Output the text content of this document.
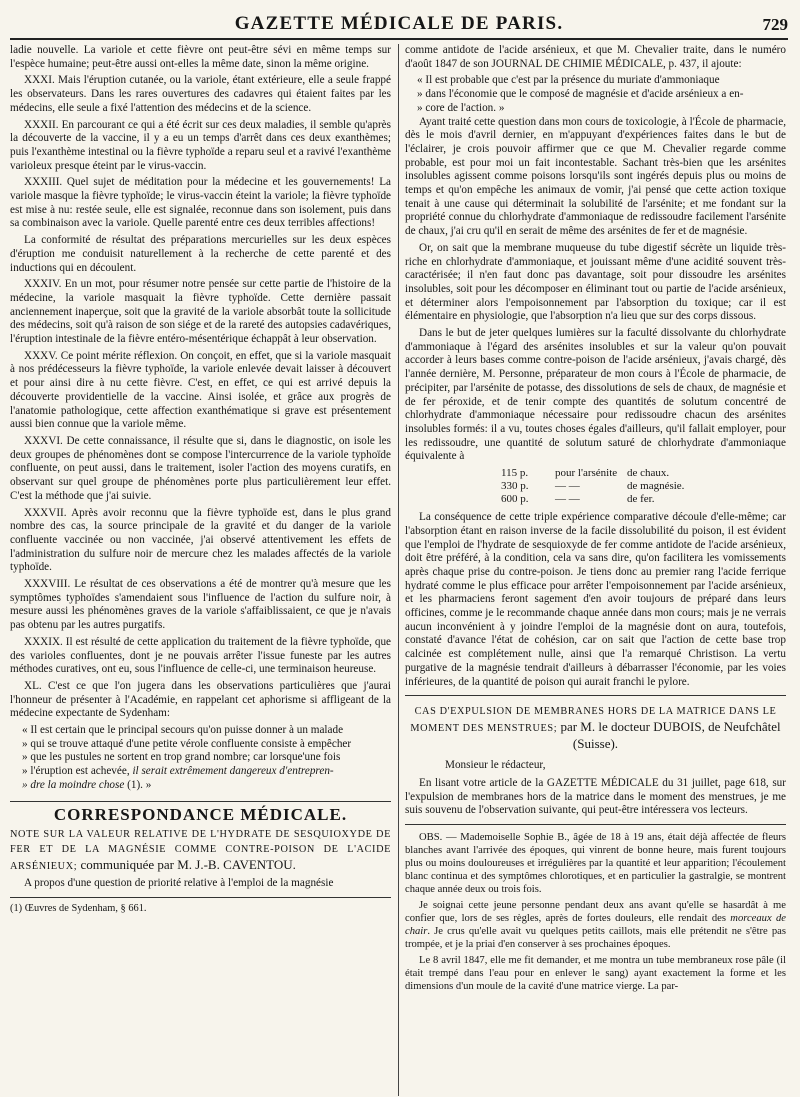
GAZETTE MÉDICALE DE PARIS.	729

ladie nouvelle. La variole et cette fièvre ont peut-être sévi en même temps sur l'espèce humaine; peut-être aussi ont-elles la même date, sinon la même origine.

XXXI. Mais l'éruption cutanée, ou la variole, étant extérieure, elle a seule frappé les observateurs. Dans les rares ouvertures des cadavres qui étaient faites par les médecins, elle seule a fixé l'attention des médecins et de la science.

XXXII. En parcourant ce qui a été écrit sur ces deux maladies, il semble qu'après la découverte de la vaccine, il y a eu un temps d'arrêt dans ces deux exanthèmes; puis l'exanthème intestinal ou la fièvre typhoïde a reparu seul et a ravivé l'exanthème varioleux presque éteint par le virus-vaccin.

XXXIII. Quel sujet de méditation pour la médecine et les gouvernements! La variole masque la fièvre typhoïde; le virus-vaccin éteint la variole; la fièvre typhoïde est mise à nu: restée seule, elle est signalée, reconnue dans son isolement, puis dans sa combinaison avec la variole. Quelle parenté entre ces deux terribles affections!

La conformité de résultat des préparations mercurielles sur les deux espèces d'éruption me conduisit naturellement à la recherche de cette parenté et des inductions qui en découlent.

XXXIV. En un mot, pour résumer notre pensée sur cette partie de l'histoire de la médecine, la variole masquait la fièvre typhoïde. Cette dernière passait anciennement inaperçue, soit que la gravité de la variole absorbât toute la sollicitude des médecins, soit qu'à raison de son siége et de la rareté des autopsies cadavériques, l'éruption intestinale de la fièvre entéro-mésentérique échappât à leur observation.

XXXV. Ce point mérite réflexion. On conçoit, en effet, que si la variole masquait à nos prédécesseurs la fièvre typhoïde, la variole enlevée devait laisser à découvert et pour ainsi dire à nu cette fièvre. C'est, en effet, ce qui est arrivé depuis la découverte providentielle de la vaccine. Ainsi isolée, et grâce aux progrès de l'anatomie pathologique, cette affection exanthématique si grave est présentement aussi bien connue que la variole même.

XXXVI. De cette connaissance, il résulte que si, dans le diagnostic, on isole les deux groupes de phénomènes dont se compose l'intercurrence de la variole typhoïde confluente, on peut aussi, dans le traitement, isoler l'action des moyens curatifs, en observant sur quel groupe de phénomènes porte plus particulièrement leur effet. C'est la méthode que j'ai suivie.

XXXVII. Après avoir reconnu que la fièvre typhoïde est, dans le plus grand nombre des cas, la source principale de la gravité et du danger de la variole confluente vaccinée ou non vaccinée, j'ai observé attentivement les effets de l'administration du sulfure noir de mercure chez les malades affectés de la variole typhoïde.

XXXVIII. Le résultat de ces observations a été de montrer qu'à mesure que les symptômes typhoïdes s'amendaient sous l'influence de l'action du sulfure noir, à mesure aussi les phénomènes graves de la variole s'affaiblissaient, ce que je n'avais pas obtenu par les autres purgatifs.

XXXIX. Il est résulté de cette application du traitement de la fièvre typhoïde, que des varioles confluentes, dont je ne pouvais arrêter l'issue funeste par les autres méthodes curatives, ont eu, sous l'influence de celle-ci, une terminaison heureuse.

XL. C'est ce que l'on jugera dans les observations particulières que j'aurai l'honneur de présenter à l'Académie, en rappelant cet aphorisme si affligeant de la médecine expectante de Sydenham:

« Il est certain que le principal secours qu'on puisse donner à un malade

» qui se trouve attaqué d'une petite vérole confluente consiste à empêcher

» que les pustules ne sortent en trop grand nombre; car lorsque'une fois

» l'éruption est achevée, il serait extrêmement dangereux d'entrepren-

» dre la moindre chose (1). »

CORRESPONDANCE MÉDICALE.

NOTE SUR LA VALEUR RELATIVE DE L'HYDRATE DE SESQUIOXYDE DE FER ET DE LA MAGNÉSIE COMME CONTRE-POISON DE L'ACIDE ARSÉNIEUX; communiquée par M. J.-B. CAVENTOU.

A propos d'une question de priorité relative à l'emploi de la magnésie

(1) Œuvres de Sydenham, § 661.

comme antidote de l'acide arsénieux, et que M. Chevalier traite, dans le numéro d'août 1847 de son JOURNAL DE CHIMIE MÉDICALE, p. 437, il ajoute:

« Il est probable que c'est par la présence du muriate d'ammoniaque

» dans l'économie que le composé de magnésie et d'acide arsénieux a en-

» core de l'action. »

Ayant traité cette question dans mon cours de toxicologie, à l'École de pharmacie, dès le mois d'avril dernier, en m'appuyant d'expériences faites dans le but de l'éclairer, je crois pouvoir affirmer que ce que M. Chevalier regarde comme probable, est pour moi un fait incontestable. Sachant très-bien que les arsénites insolubles agissent comme poisons lorsqu'ils sont ingérés depuis plus ou moins de temps et qu'on empêche les animaux de vomir, j'ai pensé que cette action toxique tenait à une cause qui déterminait la solubilité de l'arsénite; et me fondant sur la propriété connue du chlorhydrate d'ammoniaque de redissoudre facilement l'arsénite de chaux, j'ai cru qu'il en serait de même des arsénites de fer et de magnésie.

Or, on sait que la membrane muqueuse du tube digestif sécrète un liquide très-riche en chlorhydrate d'ammoniaque, et jouissant même d'une acidité souvent très-caractérisée; il n'en faut donc pas davantage, soit pour dissoudre les arsénites insolubles, soit pour les décomposer en éliminant tout ou partie de l'acide arsénieux, et déterminer alors l'empoisonnement par l'absorption du toxique; car il est élémentaire en physiologie, que l'absorption n'a lieu que sur des corps dissous.

Dans le but de jeter quelques lumières sur la faculté dissolvante du chlorhydrate d'ammoniaque à l'égard des arsénites insolubles et sur la valeur qu'on pouvait accorder à leurs bases comme contre-poison de l'acide arsénieux, j'avais chargé, dès l'année dernière, M. Personne, préparateur de mon cours à l'École de pharmacie, de précipiter, par l'arsénite de potasse, des dissolutions de sels de chaux, de magnésie et de fer péroxide, et de tenir compte des quantités de solutum concentré de chlorhydrate d'ammoniaque nécessaire pour redissoudre chacun des arsénites insolubles formés: il a vu, toutes choses égales d'ailleurs, qu'il fallait employer, pour les redissoudre, une quantité de solutum saturé de chlorhydrate d'ammoniaque équivalente à

115 p.	pour l'arsénite de chaux.
330 p.	— —	de magnésie.
600 p.	— —	de fer.

La conséquence de cette triple expérience comparative découle d'elle-même; car l'absorption étant en raison inverse de la facile dissolubilité du poison, il est évident que l'emploi de l'hydrate de sesquioxyde de fer comme antidote de l'acide arsénieux, doit être préféré, à la condition, cela va sans dire, qu'on facilitera les vomissements après chaque prise du contre-poison. Je tiens donc au premier rang l'acide ferrique hydraté comme le plus efficace pour arrêter l'empoisonnement par l'acide arsénieux, et les pharmaciens feront sagement d'en avoir toujours de préparé dans leurs officines, comme je le recommande chaque année dans mon cours; mais je ne verrais aucun inconvénient à y joindre l'emploi de la magnésie dont on aura, toutefois, constaté d'avance l'état de cohésion, car on sait que l'action de cette base trop calcinée est complétement nulle, ainsi que l'a remarqué Christison. La vertu purgative de la magnésie tendrait d'ailleurs à débarrasser l'économie, par les voies inférieures, de la quantité de poison qui aurait franchi le pylore.

CAS D'EXPULSION DE MEMBRANES HORS DE LA MATRICE DANS LE MOMENT DES MENSTRUES; par M. le docteur DUBOIS, de Neufchâtel (Suisse).

Monsieur le rédacteur,

En lisant votre article de la GAZETTE MÉDICALE du 31 juillet, page 618, sur l'expulsion de membranes hors de la matrice dans le moment des menstrues, je me suis souvenu de l'observation suivante, qui peut-être intéressera vos lecteurs.

OBS. — Mademoiselle Sophie B., âgée de 18 à 19 ans, était déjà affectée de fleurs blanches avant l'arrivée des époques, qui vinrent de bonne heure, mais furent toujours plus ou moins douloureuses et irrégulières par la quantité et leur apparition; l'écoulement blanc continua et des symptômes chlorotiques, et en particulier la gastralgie, se montrent chaque année deux ou trois fois.

Je soignai cette jeune personne pendant deux ans avant qu'elle se hasardât à me confier que, lors de ses règles, après de fortes douleurs, elle rendait des morceaux de chair. Je crus qu'elle avait vu quelques petits caillots, mais elle prétendit ne s'être pas trompée, et je la priai d'en conserver à ses prochaines époques.

Le 8 avril 1847, elle me fit demander, et me montra un tube membraneux rose pâle (il était trempé dans l'eau pour en enlever le sang) ayant exactement la forme et les dimensions d'un moule de la cavité d'une matrice vierge. La par-
